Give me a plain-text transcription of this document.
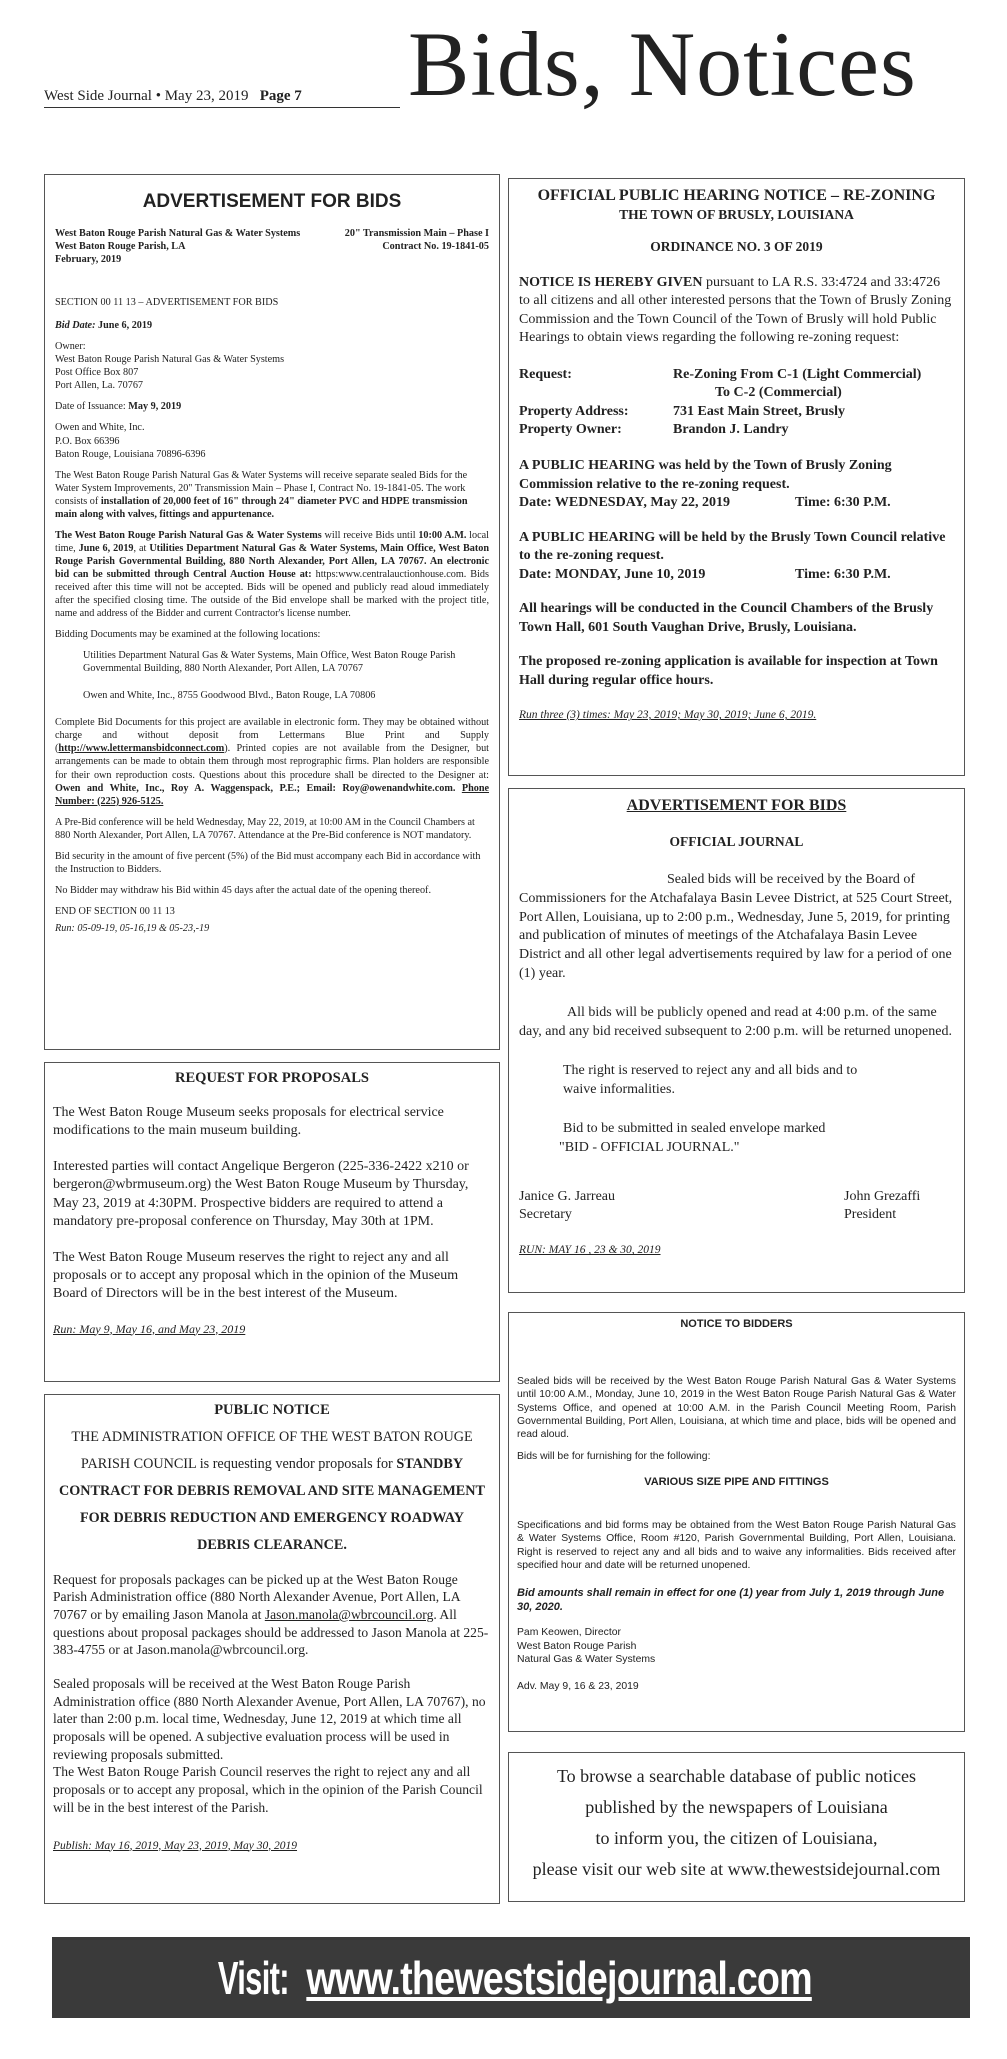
West Side Journal • May 23, 2019 Page 7	Bids, Notices
ADVERTISEMENT FOR BIDS
West Baton Rouge Parish Natural Gas & Water Systems
West Baton Rouge Parish, LA
February, 2019
20" Transmission Main – Phase I
Contract No. 19-1841-05

SECTION 00 11 13 – ADVERTISEMENT FOR BIDS

Bid Date: June 6, 2019

Owner:
West Baton Rouge Parish Natural Gas & Water Systems
Post Office Box 807
Port Allen, La. 70767

Date of Issuance: May 9, 2019

Owen and White, Inc.
P.O. Box 66396
Baton Rouge, Louisiana 70896-6396

The West Baton Rouge Parish Natural Gas & Water Systems will receive separate sealed Bids for the Water System Improvements, 20" Transmission Main – Phase I, Contract No. 19-1841-05. The work consists of installation of 20,000 feet of 16" through 24" diameter PVC and HDPE transmission main along with valves, fittings and appurtenance.

The West Baton Rouge Parish Natural Gas & Water Systems will receive Bids until 10:00 A.M. local time, June 6, 2019, at Utilities Department Natural Gas & Water Systems, Main Office, West Baton Rouge Parish Governmental Building, 880 North Alexander, Port Allen, LA 70767. An electronic bid can be submitted through Central Auction House at: https:www.centralauctionhouse.com. Bids received after this time will not be accepted. Bids will be opened and publicly read aloud immediately after the specified closing time. The outside of the Bid envelope shall be marked with the project title, name and address of the Bidder and current Contractor's license number.

Bidding Documents may be examined at the following locations:

Utilities Department Natural Gas & Water Systems, Main Office, West Baton Rouge Parish Governmental Building, 880 North Alexander, Port Allen, LA 70767

Owen and White, Inc., 8755 Goodwood Blvd., Baton Rouge, LA 70806

Complete Bid Documents for this project are available in electronic form. They may be obtained without charge and without deposit from Lettermans Blue Print and Supply (http://www.lettermansbidconnect.com). Printed copies are not available from the Designer, but arrangements can be made to obtain them through most reprographic firms. Plan holders are responsible for their own reproduction costs. Questions about this procedure shall be directed to the Designer at: Owen and White, Inc., Roy A. Waggenspack, P.E.; Email: Roy@owenandwhite.com. Phone Number: (225) 926-5125.

A Pre-Bid conference will be held Wednesday, May 22, 2019, at 10:00 AM in the Council Chambers at 880 North Alexander, Port Allen, LA 70767. Attendance at the Pre-Bid conference is NOT mandatory.

Bid security in the amount of five percent (5%) of the Bid must accompany each Bid in accordance with the Instruction to Bidders.

No Bidder may withdraw his Bid within 45 days after the actual date of the opening thereof.

END OF SECTION 00 11 13

Run: 05-09-19, 05-16,19 & 05-23,-19

REQUEST FOR PROPOSALS

The West Baton Rouge Museum seeks proposals for electrical service modifications to the main museum building.

Interested parties will contact Angelique Bergeron (225-336-2422 x210 or bergeron@wbrmuseum.org) the West Baton Rouge Museum by Thursday, May 23, 2019 at 4:30PM. Prospective bidders are required to attend a mandatory pre-proposal conference on Thursday, May 30th at 1PM.

The West Baton Rouge Museum reserves the right to reject any and all proposals or to accept any proposal which in the opinion of the Museum Board of Directors will be in the best interest of the Museum.

Run: May 9, May 16, and May 23, 2019

PUBLIC NOTICE

THE ADMINISTRATION OFFICE OF THE WEST BATON ROUGE PARISH COUNCIL is requesting vendor proposals for STANDBY CONTRACT FOR DEBRIS REMOVAL AND SITE MANAGEMENT FOR DEBRIS REDUCTION AND EMERGENCY ROADWAY DEBRIS CLEARANCE.

Request for proposals packages can be picked up at the West Baton Rouge Parish Administration office (880 North Alexander Avenue, Port Allen, LA 70767 or by emailing Jason Manola at Jason.manola@wbrcouncil.org. All questions about proposal packages should be addressed to Jason Manola at 225-383-4755 or at Jason.manola@wbrcouncil.org.

Sealed proposals will be received at the West Baton Rouge Parish Administration office (880 North Alexander Avenue, Port Allen, LA 70767), no later than 2:00 p.m. local time, Wednesday, June 12, 2019 at which time all proposals will be opened. A subjective evaluation process will be used in reviewing proposals submitted.

The West Baton Rouge Parish Council reserves the right to reject any and all proposals or to accept any proposal, which in the opinion of the Parish Council will be in the best interest of the Parish.

Publish: May 16, 2019, May 23, 2019, May 30, 2019

OFFICIAL PUBLIC HEARING NOTICE – RE-ZONING
THE TOWN OF BRUSLY, LOUISIANA
ORDINANCE NO. 3 OF 2019

NOTICE IS HEREBY GIVEN pursuant to LA R.S. 33:4724 and 33:4726 to all citizens and all other interested persons that the Town of Brusly Zoning Commission and the Town Council of the Town of Brusly will hold Public Hearings to obtain views regarding the following re-zoning request:

Request:	Re-Zoning From C-1 (Light Commercial)
To C-2 (Commercial)
Property Address:	731 East Main Street, Brusly
Property Owner:	Brandon J. Landry

A PUBLIC HEARING was held by the Town of Brusly Zoning Commission relative to the re-zoning request.

Date: WEDNESDAY, May 22, 2019	Time: 6:30 P.M.

A PUBLIC HEARING will be held by the Brusly Town Council relative to the re-zoning request.

Date: MONDAY, June 10, 2019	Time: 6:30 P.M.

All hearings will be conducted in the Council Chambers of the Brusly Town Hall, 601 South Vaughan Drive, Brusly, Louisiana.

The proposed re-zoning application is available for inspection at Town Hall during regular office hours.

Run three (3) times: May 23, 2019; May 30, 2019; June 6, 2019.

ADVERTISEMENT FOR BIDS
OFFICIAL JOURNAL

Sealed bids will be received by the Board of Commissioners for the Atchafalaya Basin Levee District, at 525 Court Street, Port Allen, Louisiana, up to 2:00 p.m., Wednesday, June 5, 2019, for printing and publication of minutes of meetings of the Atchafalaya Basin Levee District and all other legal advertisements required by law for a period of one (1) year.

All bids will be publicly opened and read at 4:00 p.m. of the same day, and any bid received subsequent to 2:00 p.m. will be returned unopened.

The right is reserved to reject any and all bids and to waive informalities.

Bid to be submitted in sealed envelope marked

"BID - OFFICIAL JOURNAL."

Janice G. Jarreau
Secretary
John Grezaffi
President

RUN: MAY 16 , 23 & 30, 2019

NOTICE TO BIDDERS

Sealed bids will be received by the West Baton Rouge Parish Natural Gas & Water Systems until 10:00 A.M., Monday, June 10, 2019 in the West Baton Rouge Parish Natural Gas & Water Systems Office, and opened at 10:00 A.M. in the Parish Council Meeting Room, Parish Governmental Building, Port Allen, Louisiana, at which time and place, bids will be opened and read aloud.

Bids will be for furnishing for the following:

VARIOUS SIZE PIPE AND FITTINGS

Specifications and bid forms may be obtained from the West Baton Rouge Parish Natural Gas & Water Systems Office, Room #120, Parish Governmental Building, Port Allen, Louisiana. Right is reserved to reject any and all bids and to waive any informalities. Bids received after specified hour and date will be returned unopened.

Bid amounts shall remain in effect for one (1) year from July 1, 2019 through June 30, 2020.

Pam Keowen, Director
West Baton Rouge Parish
Natural Gas & Water Systems

Adv. May 9, 16 & 23, 2019

To browse a searchable database of public notices
published by the newspapers of Louisiana
to inform you, the citizen of Louisiana,
please visit our web site at www.thewestsidejournal.com
Visit: www.thewestsidejournal.com
